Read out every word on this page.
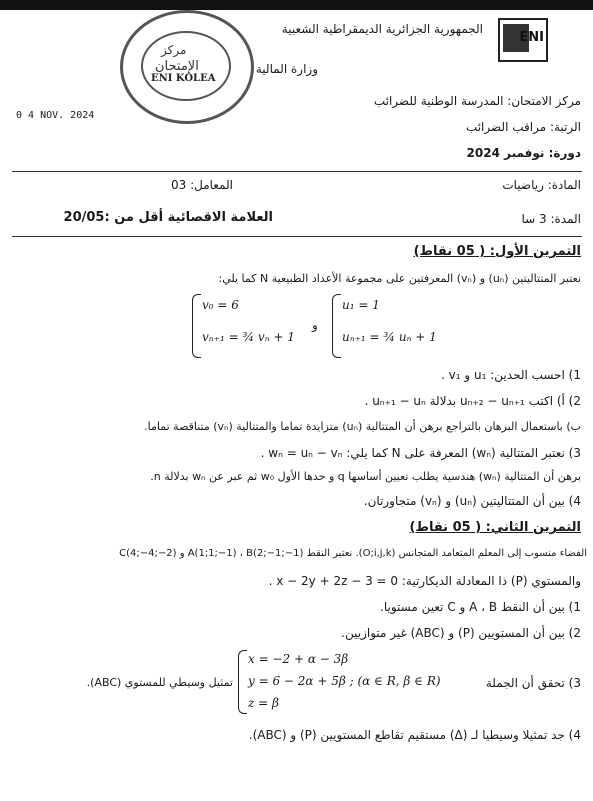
ENI
مركز
الإمتحان
ENI KOLEA
الجمهورية الجزائرية الديمقراطية الشعبية
وزارة المالية
0 4 NOV. 2024
مركز الامتحان: المدرسة الوطنية للضرائب
الرتبة: مراقب الضرائب
دورة: نوفمبر 2024
المادة: رياضيات
المعامل: 03
المدة: 3 سا
العلامة الاقصائية أقل من :20/05
التمرين الأول: ( 05 نقاط)
نعتبر المتتاليتين (uₙ) و (vₙ) المعرفتين على مجموعة الأعداد الطبيعية N كما يلي:
v₀ = 6
vₙ₊₁ = ¾ vₙ + 1
و
u₁ = 1
uₙ₊₁ = ¾ uₙ + 1
1) احسب الحدين: u₁ و v₁ .
2) أ) اكتب uₙ₊₂ − uₙ₊₁ بدلالة uₙ₊₁ − uₙ .
ب) باستعمال البرهان بالتراجع برهن أن المتتالية (uₙ) متزايدة تماما والمتتالية (vₙ) متناقصة تماما.
3) نعتبر المتتالية (wₙ) المعرفة على N كما يلي: wₙ = uₙ − vₙ .
برهن أن المتتالية (wₙ) هندسية يطلب تعيين أساسها q و حدها الأول w₀ ثم عبر عن wₙ بدلالة n.
4) بين أن المتتاليتين (uₙ) و (vₙ) متجاورتان.
التمرين الثاني: ( 05 نقاط)
الفضاء منسوب إلى المعلم المتعامد المتجانس (O;i,j,k). نعتبر النقط A(1;1;−1) ، B(2;−1;−1) و C(4;−4;−2)
والمستوي (P) ذا المعادلة الديكارتية: x − 2y + 2z − 3 = 0 .
1) بين أن النقط A ، B و C تعين مستويا.
2) بين أن المستويين (P) و (ABC) غير متوازيين.
3) تحقق أن الجملة
x = −2 + α − 3β
y = 6 − 2α + 5β ; (α ∈ R, β ∈ R)
z = β
تمثيل وسيطي للمستوي (ABC).
4) جد تمثيلا وسيطيا لـ (Δ) مستقيم تقاطع المستويين (P) و (ABC).
